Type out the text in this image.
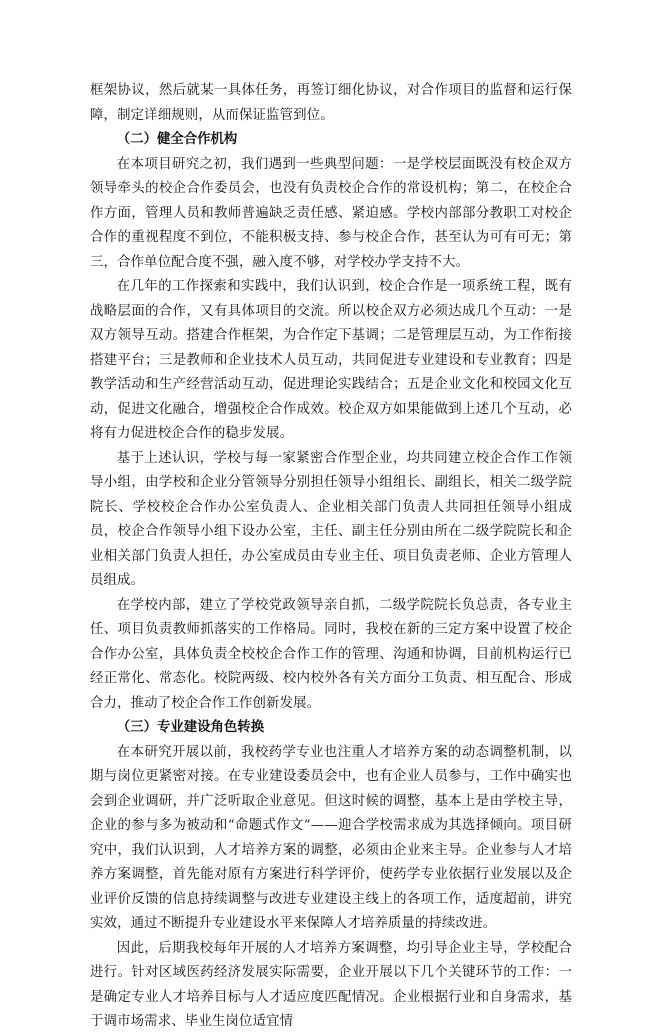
框架协议，然后就某一具体任务，再签订细化协议，对合作项目的监督和运行保障，制定详细规则，从而保证监管到位。

（二）健全合作机构

在本项目研究之初，我们遇到一些典型问题：一是学校层面既没有校企双方领导牵头的校企合作委员会，也没有负责校企合作的常设机构；第二，在校企合作方面，管理人员和教师普遍缺乏责任感、紧迫感。学校内部部分教职工对校企合作的重视程度不到位，不能积极支持、参与校企合作，甚至认为可有可无；第三，合作单位配合度不强，融入度不够，对学校办学支持不大。

在几年的工作探索和实践中，我们认识到，校企合作是一项系统工程，既有战略层面的合作，又有具体项目的交流。所以校企双方必须达成几个互动：一是双方领导互动。搭建合作框架，为合作定下基调；二是管理层互动，为工作衔接搭建平台；三是教师和企业技术人员互动，共同促进专业建设和专业教育；四是教学活动和生产经营活动互动，促进理论实践结合；五是企业文化和校园文化互动，促进文化融合，增强校企合作成效。校企双方如果能做到上述几个互动，必将有力促进校企合作的稳步发展。

基于上述认识，学校与每一家紧密合作型企业，均共同建立校企合作工作领导小组，由学校和企业分管领导分别担任领导小组组长、副组长，相关二级学院院长、学校校企合作办公室负责人、企业相关部门负责人共同担任领导小组成员，校企合作领导小组下设办公室，主任、副主任分别由所在二级学院院长和企业相关部门负责人担任，办公室成员由专业主任、项目负责老师、企业方管理人员组成。

在学校内部，建立了学校党政领导亲自抓，二级学院院长负总责，各专业主任、项目负责教师抓落实的工作格局。同时，我校在新的三定方案中设置了校企合作办公室，具体负责全校校企合作工作的管理、沟通和协调，目前机构运行已经正常化、常态化。校院两级、校内校外各有关方面分工负责、相互配合、形成合力，推动了校企合作工作创新发展。

（三）专业建设角色转换

在本研究开展以前，我校药学专业也注重人才培养方案的动态调整机制，以期与岗位更紧密对接。在专业建设委员会中，也有企业人员参与，工作中确实也会到企业调研，并广泛听取企业意见。但这时候的调整，基本上是由学校主导，企业的参与多为被动和“命题式作文”——迎合学校需求成为其选择倾向。项目研究中，我们认识到，人才培养方案的调整，必须由企业来主导。企业参与人才培养方案调整，首先能对原有方案进行科学评价，使药学专业依据行业发展以及企业评价反馈的信息持续调整与改进专业建设主线上的各项工作，适度超前，讲究实效，通过不断提升专业建设水平来保障人才培养质量的持续改进。

因此，后期我校每年开展的人才培养方案调整，均引导企业主导，学校配合进行。针对区域医药经济发展实际需要，企业开展以下几个关键环节的工作：一是确定专业人才培养目标与人才适应度匹配情况。企业根据行业和自身需求，基于调市场需求、毕业生岗位适宜情
